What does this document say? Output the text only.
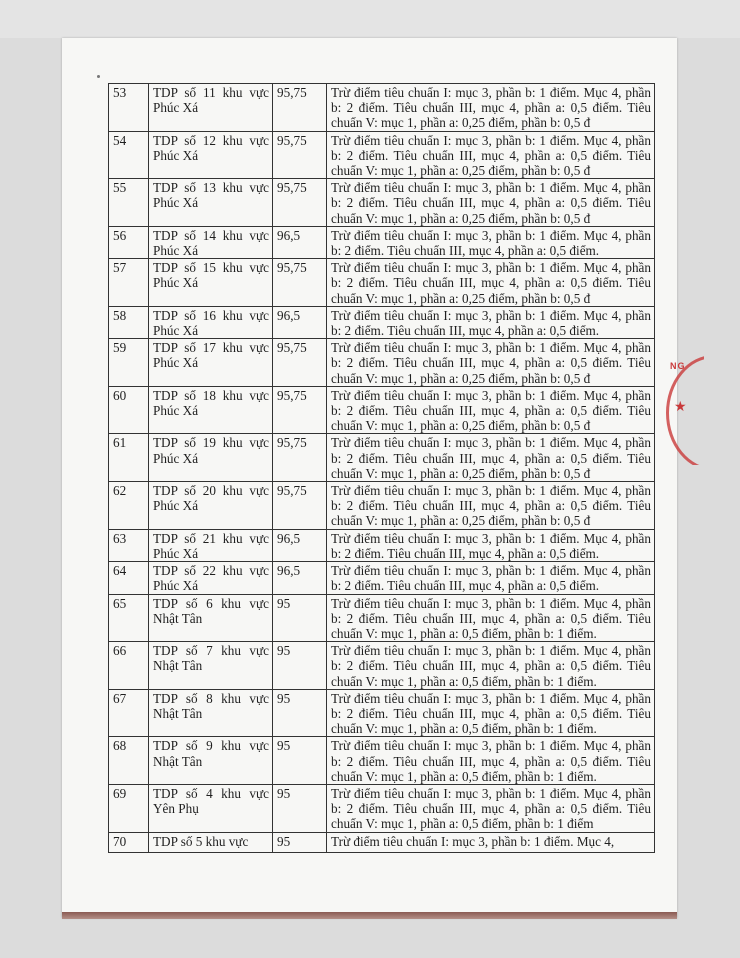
NG
★
53	TDP số 11 khu vực Phúc Xá	95,75	Trừ điểm tiêu chuẩn I: mục 3, phần b: 1 điểm. Mục 4, phần b: 2 điểm. Tiêu chuẩn III, mục 4, phần a: 0,5 điểm. Tiêu chuẩn V: mục 1, phần a: 0,25 điểm, phần b: 0,5 đ
54	TDP số 12 khu vực Phúc Xá	95,75	Trừ điểm tiêu chuẩn I: mục 3, phần b: 1 điểm. Mục 4, phần b: 2 điểm. Tiêu chuẩn III, mục 4, phần a: 0,5 điểm. Tiêu chuẩn V: mục 1, phần a: 0,25 điểm, phần b: 0,5 đ
55	TDP số 13 khu vực Phúc Xá	95,75	Trừ điểm tiêu chuẩn I: mục 3, phần b: 1 điểm. Mục 4, phần b: 2 điểm. Tiêu chuẩn III, mục 4, phần a: 0,5 điểm. Tiêu chuẩn V: mục 1, phần a: 0,25 điểm, phần b: 0,5 đ
56	TDP số 14 khu vực Phúc Xá	96,5	Trừ điểm tiêu chuẩn I: mục 3, phần b: 1 điểm. Mục 4, phần b: 2 điểm. Tiêu chuẩn III, mục 4, phần a: 0,5 điểm.
57	TDP số 15 khu vực Phúc Xá	95,75	Trừ điểm tiêu chuẩn I: mục 3, phần b: 1 điểm. Mục 4, phần b: 2 điểm. Tiêu chuẩn III, mục 4, phần a: 0,5 điểm. Tiêu chuẩn V: mục 1, phần a: 0,25 điểm, phần b: 0,5 đ
58	TDP số 16 khu vực Phúc Xá	96,5	Trừ điểm tiêu chuẩn I: mục 3, phần b: 1 điểm. Mục 4, phần b: 2 điểm. Tiêu chuẩn III, mục 4, phần a: 0,5 điểm.
59	TDP số 17 khu vực Phúc Xá	95,75	Trừ điểm tiêu chuẩn I: mục 3, phần b: 1 điểm. Mục 4, phần b: 2 điểm. Tiêu chuẩn III, mục 4, phần a: 0,5 điểm. Tiêu chuẩn V: mục 1, phần a: 0,25 điểm, phần b: 0,5 đ
60	TDP số 18 khu vực Phúc Xá	95,75	Trừ điểm tiêu chuẩn I: mục 3, phần b: 1 điểm. Mục 4, phần b: 2 điểm. Tiêu chuẩn III, mục 4, phần a: 0,5 điểm. Tiêu chuẩn V: mục 1, phần a: 0,25 điểm, phần b: 0,5 đ
61	TDP số 19 khu vực Phúc Xá	95,75	Trừ điểm tiêu chuẩn I: mục 3, phần b: 1 điểm. Mục 4, phần b: 2 điểm. Tiêu chuẩn III, mục 4, phần a: 0,5 điểm. Tiêu chuẩn V: mục 1, phần a: 0,25 điểm, phần b: 0,5 đ
62	TDP số 20 khu vực Phúc Xá	95,75	Trừ điểm tiêu chuẩn I: mục 3, phần b: 1 điểm. Mục 4, phần b: 2 điểm. Tiêu chuẩn III, mục 4, phần a: 0,5 điểm. Tiêu chuẩn V: mục 1, phần a: 0,25 điểm, phần b: 0,5 đ
63	TDP số 21 khu vực Phúc Xá	96,5	Trừ điểm tiêu chuẩn I: mục 3, phần b: 1 điểm. Mục 4, phần b: 2 điểm. Tiêu chuẩn III, mục 4, phần a: 0,5 điểm.
64	TDP số 22 khu vực Phúc Xá	96,5	Trừ điểm tiêu chuẩn I: mục 3, phần b: 1 điểm. Mục 4, phần b: 2 điểm. Tiêu chuẩn III, mục 4, phần a: 0,5 điểm.
65	TDP số 6 khu vực Nhật Tân	95	Trừ điểm tiêu chuẩn I: mục 3, phần b: 1 điểm. Mục 4, phần b: 2 điểm. Tiêu chuẩn III, mục 4, phần a: 0,5 điểm. Tiêu chuẩn V: mục 1, phần a: 0,5 điểm, phần b: 1 điểm.
66	TDP số 7 khu vực Nhật Tân	95	Trừ điểm tiêu chuẩn I: mục 3, phần b: 1 điểm. Mục 4, phần b: 2 điểm. Tiêu chuẩn III, mục 4, phần a: 0,5 điểm. Tiêu chuẩn V: mục 1, phần a: 0,5 điểm, phần b: 1 điểm.
67	TDP số 8 khu vực Nhật Tân	95	Trừ điểm tiêu chuẩn I: mục 3, phần b: 1 điểm. Mục 4, phần b: 2 điểm. Tiêu chuẩn III, mục 4, phần a: 0,5 điểm. Tiêu chuẩn V: mục 1, phần a: 0,5 điểm, phần b: 1 điểm.
68	TDP số 9 khu vực Nhật Tân	95	Trừ điểm tiêu chuẩn I: mục 3, phần b: 1 điểm. Mục 4, phần b: 2 điểm. Tiêu chuẩn III, mục 4, phần a: 0,5 điểm. Tiêu chuẩn V: mục 1, phần a: 0,5 điểm, phần b: 1 điểm.
69	TDP số 4 khu vực Yên Phụ	95	Trừ điểm tiêu chuẩn I: mục 3, phần b: 1 điểm. Mục 4, phần b: 2 điểm. Tiêu chuẩn III, mục 4, phần a: 0,5 điểm. Tiêu chuẩn V: mục 1, phần a: 0,5 điểm, phần b: 1 điểm
70	TDP số 5 khu vực	95	Trừ điểm tiêu chuẩn I: mục 3, phần b: 1 điểm. Mục 4,
